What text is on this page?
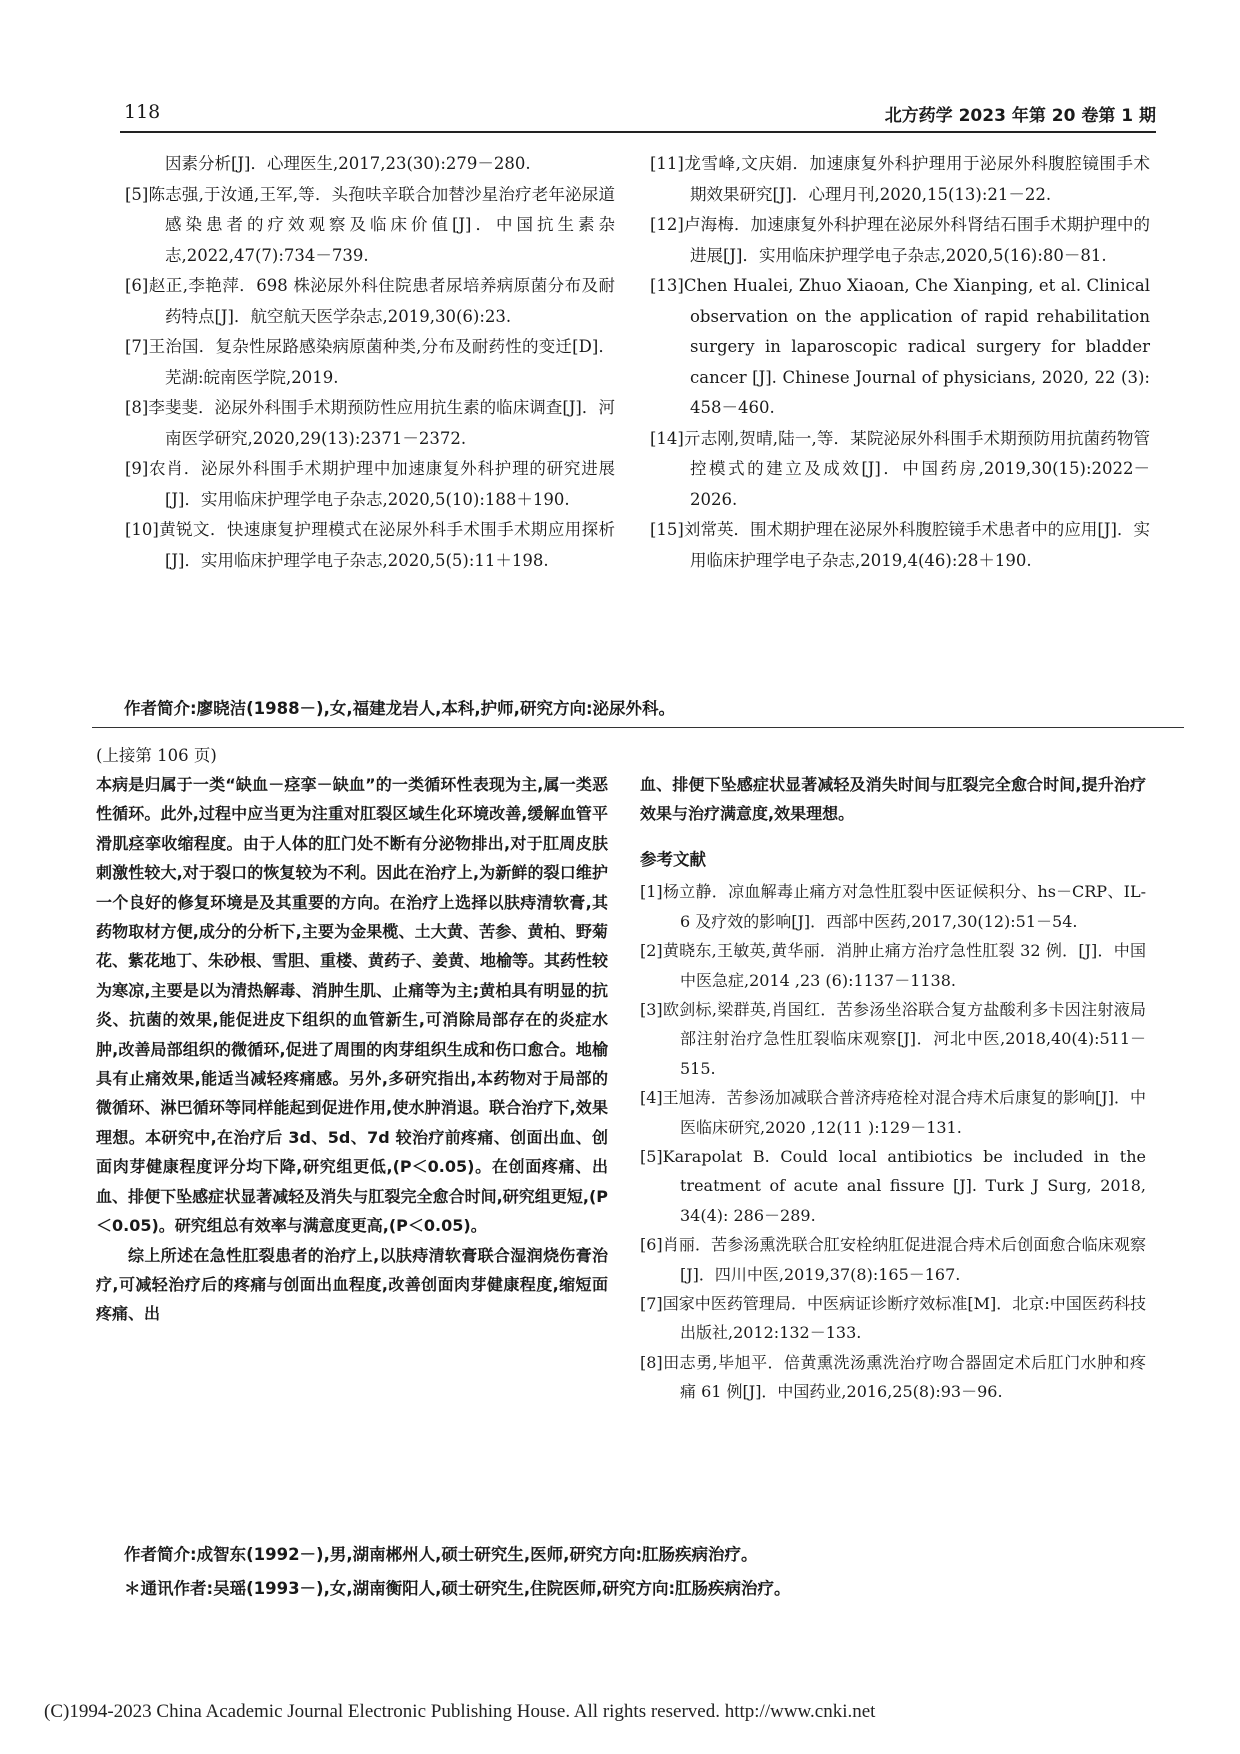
118	北方药学 2023 年第 20 卷第 1 期

因素分析[J]．心理医生,2017,23(30):279－280.

[5]陈志强,于汝通,王军,等．头孢呋辛联合加替沙星治疗老年泌尿道感染患者的疗效观察及临床价值[J]．中国抗生素杂志,2022,47(7):734－739.

[6]赵正,李艳萍．698 株泌尿外科住院患者尿培养病原菌分布及耐药特点[J]．航空航天医学杂志,2019,30(6):23.

[7]王治国．复杂性尿路感染病原菌种类,分布及耐药性的变迁[D]．芜湖:皖南医学院,2019.

[8]李斐斐．泌尿外科围手术期预防性应用抗生素的临床调查[J]．河南医学研究,2020,29(13):2371－2372.

[9]农肖．泌尿外科围手术期护理中加速康复外科护理的研究进展[J]．实用临床护理学电子杂志,2020,5(10):188＋190.

[10]黄锐文．快速康复护理模式在泌尿外科手术围手术期应用探析[J]．实用临床护理学电子杂志,2020,5(5):11＋198.

[11]龙雪峰,文庆娟．加速康复外科护理用于泌尿外科腹腔镜围手术期效果研究[J]．心理月刊,2020,15(13):21－22.

[12]卢海梅．加速康复外科护理在泌尿外科肾结石围手术期护理中的进展[J]．实用临床护理学电子杂志,2020,5(16):80－81.

[13]Chen Hualei, Zhuo Xiaoan, Che Xianping, et al. Clinical observation on the application of rapid rehabilitation surgery in laparoscopic radical surgery for bladder cancer [J]. Chinese Journal of physicians, 2020, 22 (3): 458－460.

[14]亓志刚,贺晴,陆一,等．某院泌尿外科围手术期预防用抗菌药物管控模式的建立及成效[J]．中国药房,2019,30(15):2022－2026.

[15]刘常英．围术期护理在泌尿外科腹腔镜手术患者中的应用[J]．实用临床护理学电子杂志,2019,4(46):28＋190.

作者简介:廖晓洁(1988－),女,福建龙岩人,本科,护师,研究方向:泌尿外科。
(上接第 106 页)

本病是归属于一类“缺血－痉挛－缺血”的一类循环性表现为主,属一类恶性循环。此外,过程中应当更为注重对肛裂区域生化环境改善,缓解血管平滑肌痉挛收缩程度。由于人体的肛门处不断有分泌物排出,对于肛周皮肤刺激性较大,对于裂口的恢复较为不利。因此在治疗上,为新鲜的裂口维护一个良好的修复环境是及其重要的方向。在治疗上选择以肤痔清软膏,其药物取材方便,成分的分析下,主要为金果榄、土大黄、苦参、黄柏、野菊花、紫花地丁、朱砂根、雪胆、重楼、黄药子、姜黄、地榆等。其药性较为寒凉,主要是以为清热解毒、消肿生肌、止痛等为主;黄柏具有明显的抗炎、抗菌的效果,能促进皮下组织的血管新生,可消除局部存在的炎症水肿,改善局部组织的微循环,促进了周围的肉芽组织生成和伤口愈合。地榆具有止痛效果,能适当减轻疼痛感。另外,多研究指出,本药物对于局部的微循环、淋巴循环等同样能起到促进作用,使水肿消退。联合治疗下,效果理想。本研究中,在治疗后 3d、5d、7d 较治疗前疼痛、创面出血、创面肉芽健康程度评分均下降,研究组更低,(P＜0.05)。在创面疼痛、出血、排便下坠感症状显著减轻及消失与肛裂完全愈合时间,研究组更短,(P＜0.05)。研究组总有效率与满意度更高,(P＜0.05)。

综上所述在急性肛裂患者的治疗上,以肤痔清软膏联合湿润烧伤膏治疗,可减轻治疗后的疼痛与创面出血程度,改善创面肉芽健康程度,缩短面疼痛、出

血、排便下坠感症状显著减轻及消失时间与肛裂完全愈合时间,提升治疗效果与治疗满意度,效果理想。

参考文献

[1]杨立静．凉血解毒止痛方对急性肛裂中医证候积分、hs－CRP、IL-6 及疗效的影响[J]．西部中医药,2017,30(12):51－54.

[2]黄晓东,王敏英,黄华丽．消肿止痛方治疗急性肛裂 32 例．[J]．中国中医急症,2014 ,23 (6):1137－1138.

[3]欧剑标,梁群英,肖国红．苦参汤坐浴联合复方盐酸利多卡因注射液局部注射治疗急性肛裂临床观察[J]．河北中医,2018,40(4):511－515.

[4]王旭涛．苦参汤加减联合普济痔疮栓对混合痔术后康复的影响[J]．中医临床研究,2020 ,12(11 ):129－131.

[5]Karapolat B. Could local antibiotics be included in the treatment of acute anal fissure [J]. Turk J Surg, 2018, 34(4): 286－289.

[6]肖丽．苦参汤熏洗联合肛安栓纳肛促进混合痔术后创面愈合临床观察[J]．四川中医,2019,37(8):165－167.

[7]国家中医药管理局．中医病证诊断疗效标准[M]．北京:中国医药科技出版社,2012:132－133.

[8]田志勇,毕旭平．倍黄熏洗汤熏洗治疗吻合器固定术后肛门水肿和疼痛 61 例[J]．中国药业,2016,25(8):93－96.

作者简介:成智东(1992－),男,湖南郴州人,硕士研究生,医师,研究方向:肛肠疾病治疗。
＊通讯作者:吴瑶(1993－),女,湖南衡阳人,硕士研究生,住院医师,研究方向:肛肠疾病治疗。
(C)1994-2023 China Academic Journal Electronic Publishing House. All rights reserved. http://www.cnki.net
